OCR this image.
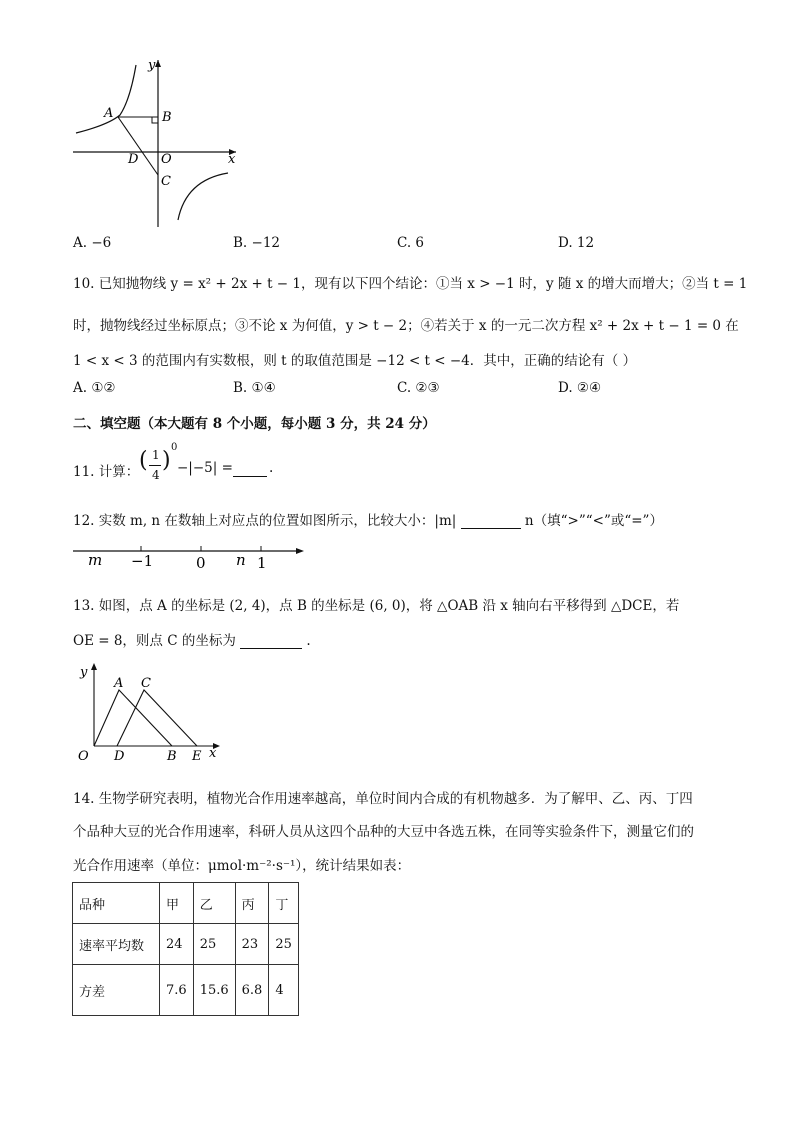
A	B
D O
C
y
x
A. −6	B. −12	C. 6	D. 12
10. 已知抛物线 y = x² + 2x + t − 1，现有以下四个结论：①当 x > −1 时，y 随 x 的增大而增大；②当 t = 1
时，抛物线经过坐标原点；③不论 x 为何值，y > t − 2；④若关于 x 的一元二次方程 x² + 2x + t − 1 = 0 在
1 < x < 3 的范围内有实数根，则 t 的取值范围是 −12 < t < −4．其中，正确的结论有（ ）
A. ①②	B. ①④	C. ②③	D. ②④
二、填空题（本大题有 8 个小题，每小题 3 分，共 24 分）
11. 计算： ( 1
4
)
0
−|−5| =	.
12. 实数 m, n 在数轴上对应点的位置如图所示，比较大小：|m|	n（填“>”“<”或“=”）
m −1	0 n 1
13. 如图，点 A 的坐标是 (2, 4)，点 B 的坐标是 (6, 0)，将 △OAB 沿 x 轴向右平移得到 △DCE，若
OE = 8，则点 C 的坐标为	.
y
A C
O D	B E x
14. 生物学研究表明，植物光合作用速率越高，单位时间内合成的有机物越多．为了解甲、乙、丙、丁四
个品种大豆的光合作用速率，科研人员从这四个品种的大豆中各选五株，在同等实验条件下，测量它们的
光合作用速率（单位：μmol·m⁻²·s⁻¹），统计结果如表：
品种	甲	乙	丙	丁
速率平均数	24	25	23	25
方差	7.6	15.6	6.8	4
